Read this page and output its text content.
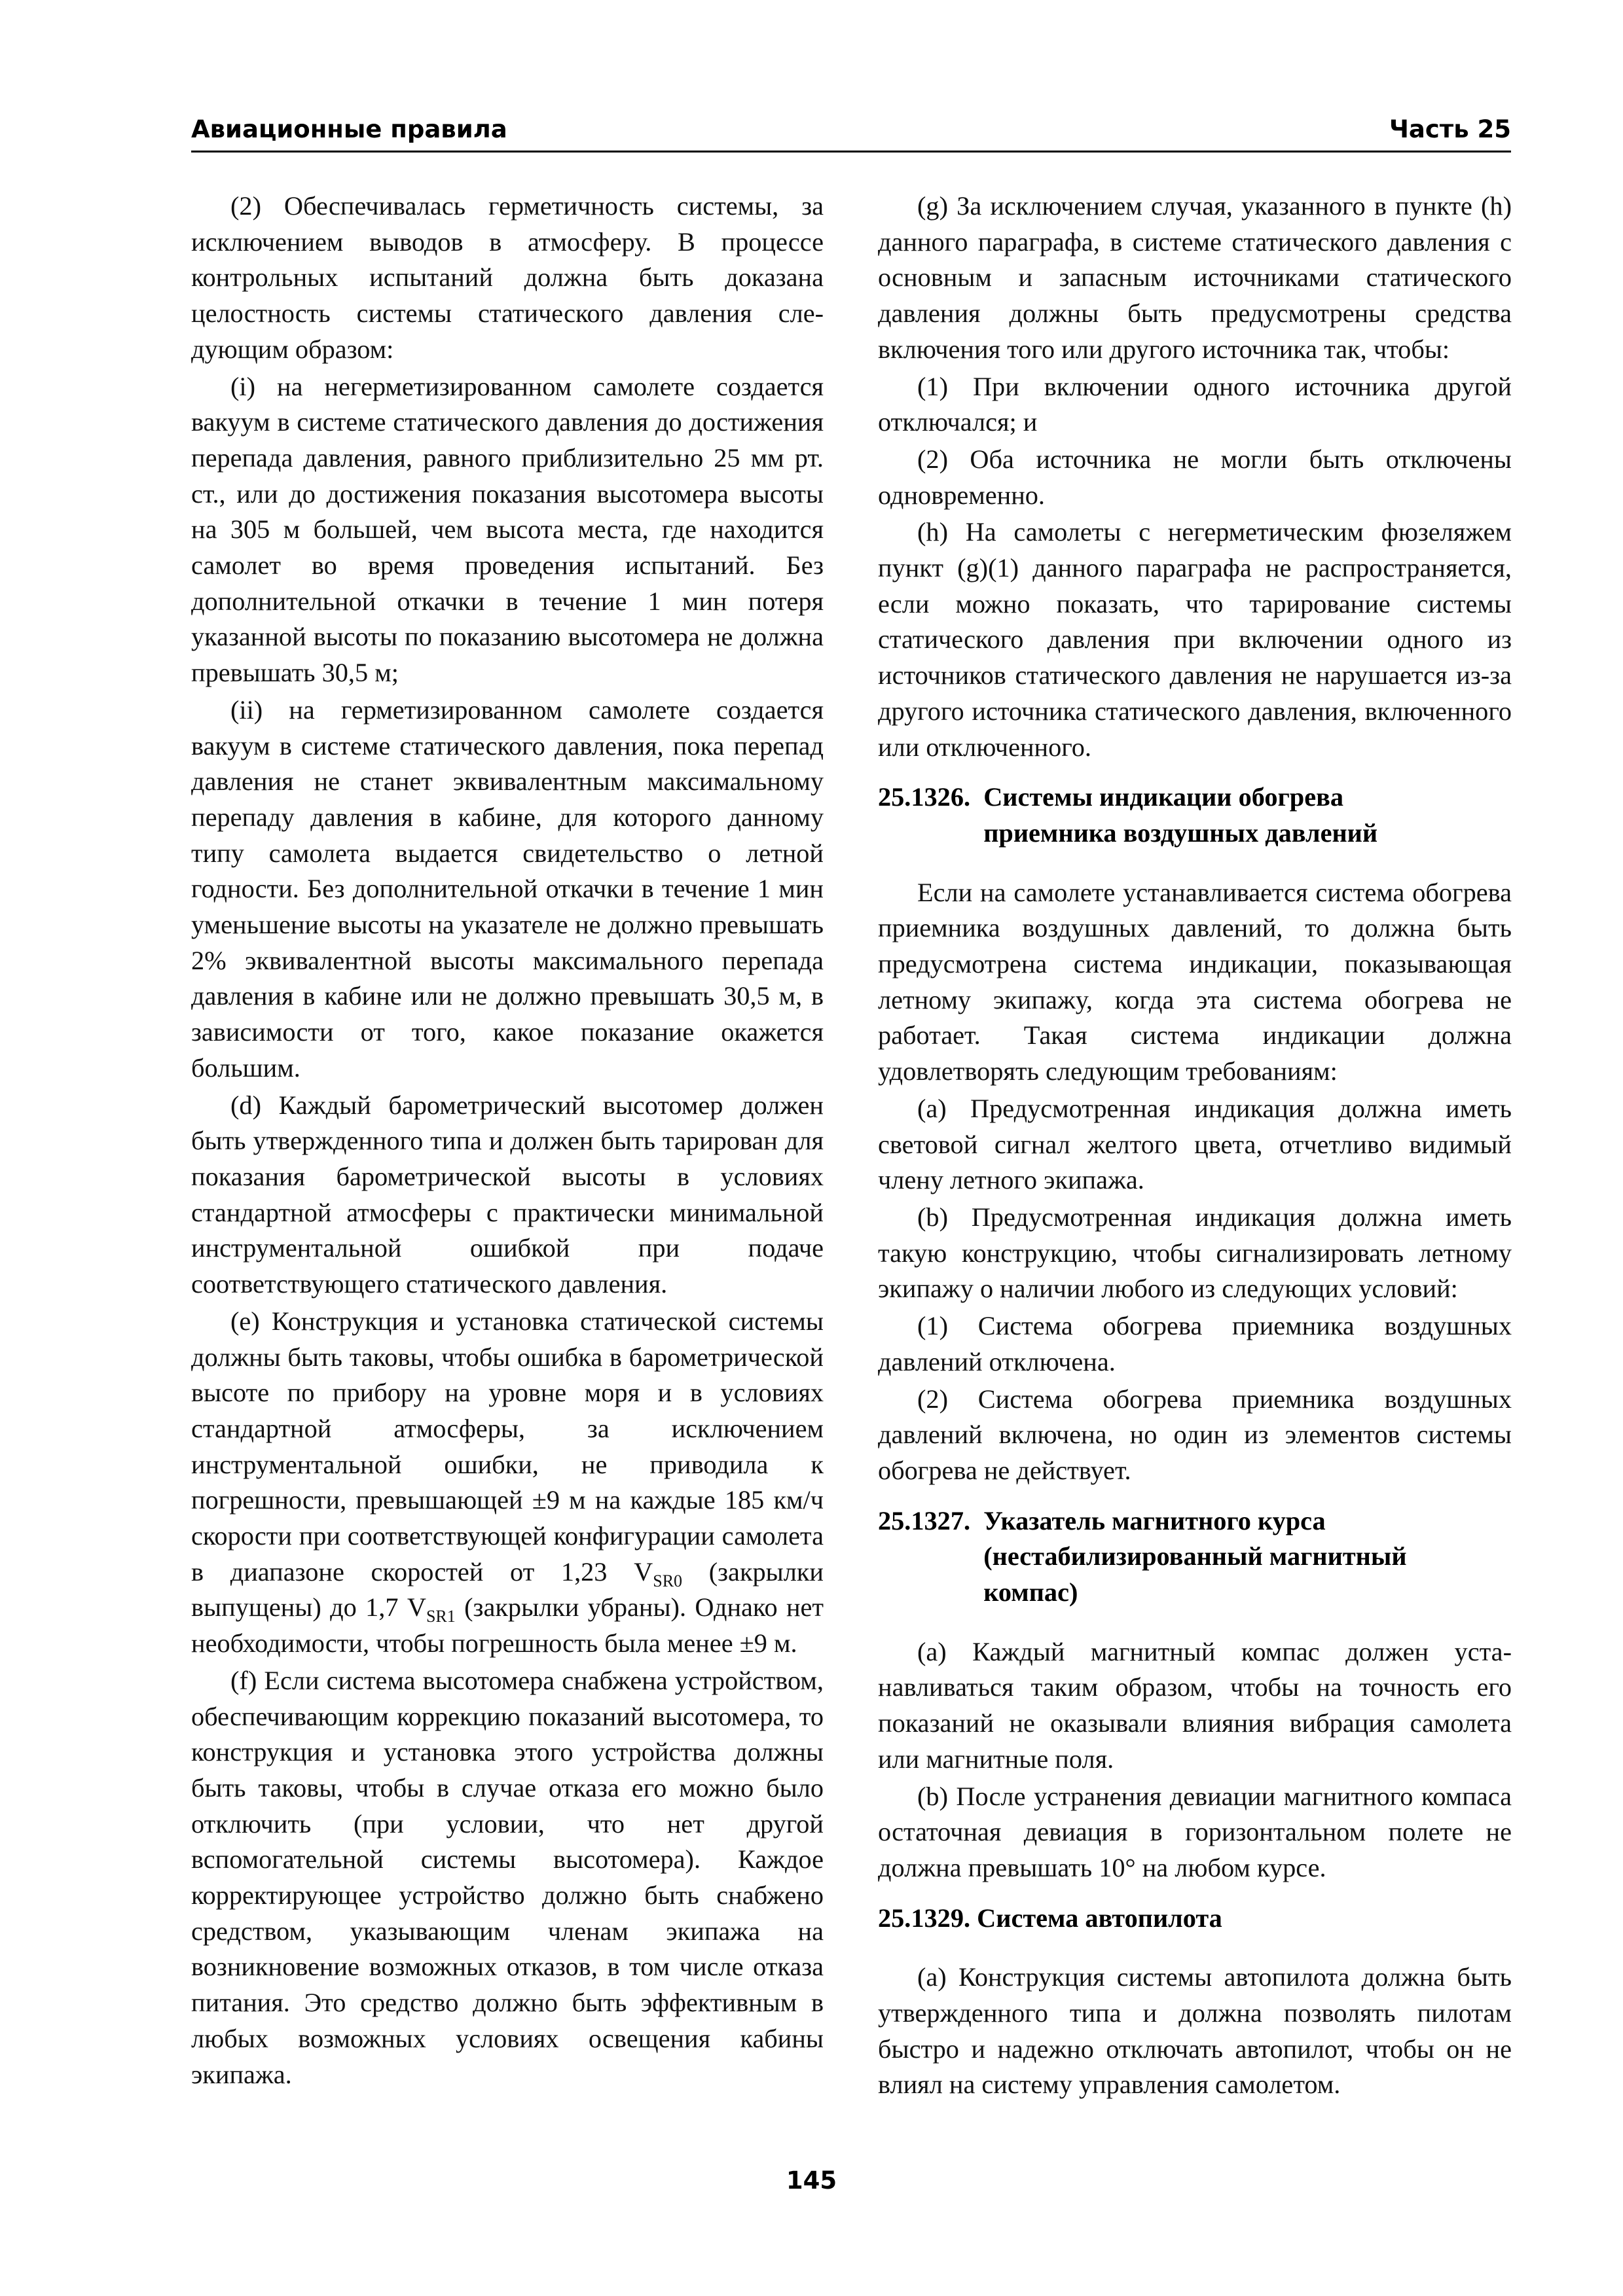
Авиационные правила	Часть 25

(2) Обеспечивалась герметичность системы, за исключением выводов в атмосферу. В процессе контрольных испытаний должна быть доказана целостность системы статического давления следующим образом:

(i) на негерметизированном самолете создается вакуум в системе статического давления до достижения перепада давления, равного приблизительно 25 мм рт. ст., или до достижения показания высотомера высоты на 305 м большей, чем высота места, где находится самолет во время проведения испытаний. Без дополнительной откачки в течение 1 мин потеря указанной высоты по показанию высотомера не должна превышать 30,5 м;

(ii) на герметизированном самолете создается вакуум в системе статического давления, пока перепад давления не станет эквивалентным максимальному перепаду давления в кабине, для которого данному типу самолета выдается свидетельство о летной годности. Без дополнительной откачки в течение 1 мин уменьшение высоты на указателе не должно превышать 2% эквивалентной высоты максимального перепада давления в кабине или не должно превышать 30,5 м, в зависимости от того, какое показание окажется большим.

(d) Каждый барометрический высотомер должен быть утвержденного типа и должен быть тарирован для показания барометрической высоты в условиях стандартной атмосферы с практически минимальной инструментальной ошибкой при подаче соответствующего статического давления.

(e) Конструкция и установка статической системы должны быть таковы, чтобы ошибка в барометрической высоте по прибору на уровне моря и в условиях стандартной атмосферы, за исключением инструментальной ошибки, не приводила к погрешности, превышающей ±9 м на каждые 185 км/ч скорости при соответствующей конфигурации самолета в диапазоне скоростей от 1,23 $V_{SR0}$ (закрылки выпущены) до 1,7 $V_{SR1}$ (закрылки убраны). Однако нет необходимости, чтобы погрешность была менее ±9 м.

(f) Если система высотомера снабжена устройством, обеспечивающим коррекцию показаний высотомера, то конструкция и установка этого устройства должны быть таковы, чтобы в случае отказа его можно было отключить (при условии, что нет другой вспомогательной системы высотомера). Каждое корректирующее устройство должно быть снабжено средством, указывающим членам экипажа на возникновение возможных отказов, в том числе отказа питания. Это средство должно быть эффективным в любых возможных условиях освещения кабины экипажа.

(g) За исключением случая, указанного в пункте (h) данного параграфа, в системе статического давления с основным и запасным источниками статического давления должны быть предусмотрены средства включения того или другого источника так, чтобы:

(1) При включении одного источника другой отключался; и

(2) Оба источника не могли быть отключены одновременно.

(h) На самолеты с негерметическим фюзеляжем пункт (g)(1) данного параграфа не распространяется, если можно показать, что тарирование системы статического давления при включении одного из источников статического давления не нарушается из-за другого источника статического давления, включенного или отключенного.

25.1326. Системы индикации обогрева
приемника воздушных давлений

Если на самолете устанавливается система обогрева приемника воздушных давлений, то должна быть предусмотрена система индикации, показывающая летному экипажу, когда эта система обогрева не работает. Такая система индикации должна удовлетворять следующим требованиям:

(a) Предусмотренная индикация должна иметь световой сигнал желтого цвета, отчетливо видимый члену летного экипажа.

(b) Предусмотренная индикация должна иметь такую конструкцию, чтобы сигнализировать летному экипажу о наличии любого из следующих условий:

(1) Система обогрева приемника воздушных давлений отключена.

(2) Система обогрева приемника воздушных давлений включена, но один из элементов системы обогрева не действует.

25.1327. Указатель магнитного курса
(нестабилизированный магнитный
компас)

(a) Каждый магнитный компас должен устанавливаться таким образом, чтобы на точность его показаний не оказывали влияния вибрация самолета или магнитные поля.

(b) После устранения девиации магнитного компаса остаточная девиация в горизонтальном полете не должна превышать 10° на любом курсе.

25.1329. Система автопилота

(a) Конструкция системы автопилота должна быть утвержденного типа и должна позволять пилотам быстро и надежно отключать автопилот, чтобы он не влиял на систему управления самолетом.

145
